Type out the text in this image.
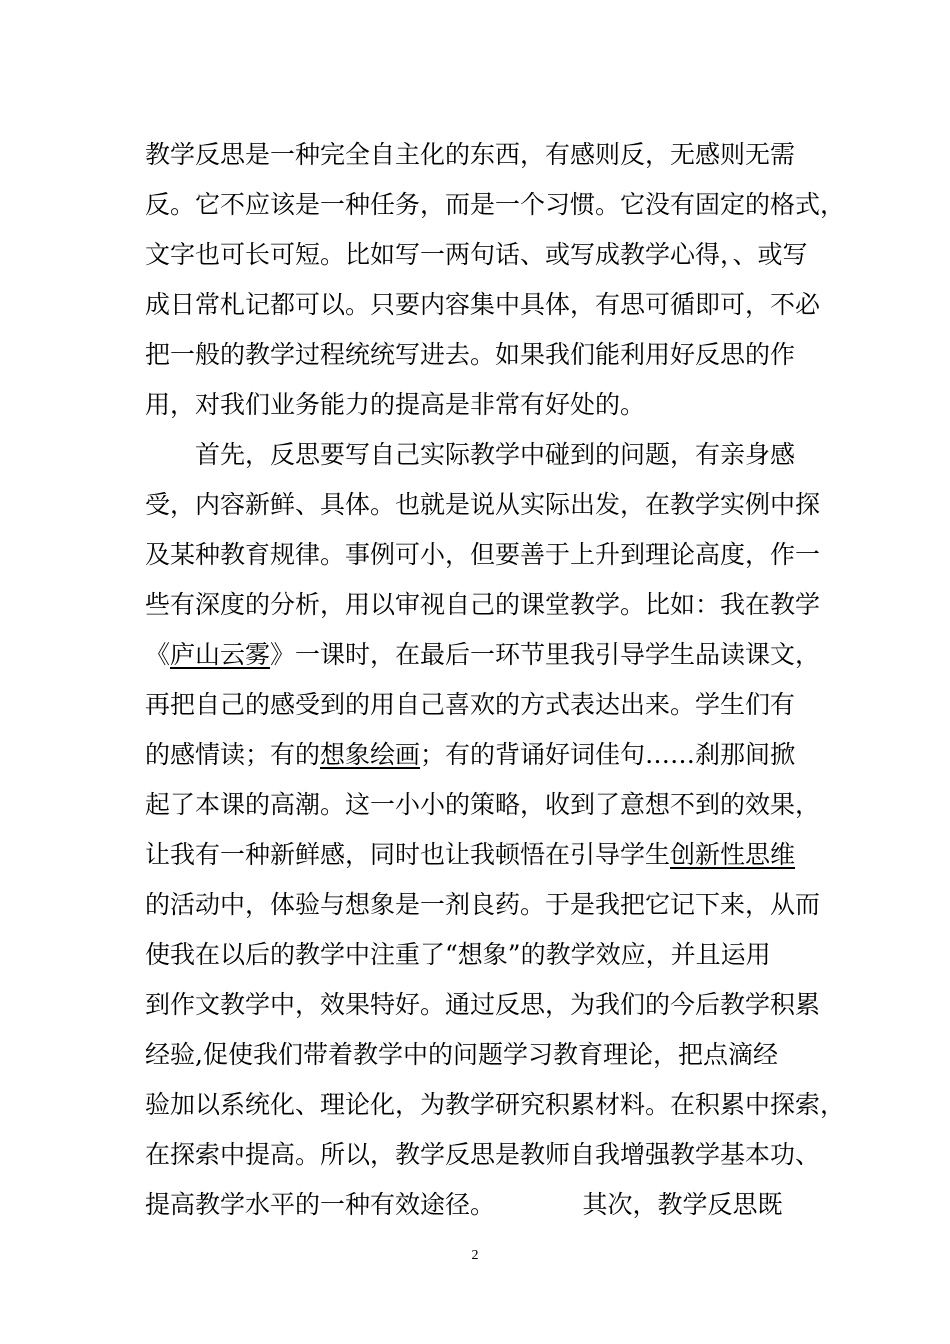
教学反思是一种完全自主化的东西，有感则反，无感则无需
反。它不应该是一种任务，而是一个习惯。它没有固定的格式，
文字也可长可短。比如写一两句话、或写成教学心得，、或写
成日常札记都可以。只要内容集中具体，有思可循即可，不必
把一般的教学过程统统写进去。如果我们能利用好反思的作
用，对我们业务能力的提高是非常有好处的。
　　首先，反思要写自己实际教学中碰到的问题，有亲身感
受，内容新鲜、具体。也就是说从实际出发，在教学实例中探
及某种教育规律。事例可小，但要善于上升到理论高度，作一
些有深度的分析，用以审视自己的课堂教学。比如：我在教学
《庐山云雾》一课时，在最后一环节里我引导学生品读课文，
再把自己的感受到的用自己喜欢的方式表达出来。学生们有
的感情读；有的想象绘画；有的背诵好词佳句……刹那间掀
起了本课的高潮。这一小小的策略，收到了意想不到的效果，
让我有一种新鲜感，同时也让我顿悟在引导学生创新性思维
的活动中，体验与想象是一剂良药。于是我把它记下来，从而
使我在以后的教学中注重了“想象”的教学效应，并且运用
到作文教学中，效果特好。通过反思，为我们的今后教学积累
经验,促使我们带着教学中的问题学习教育理论，把点滴经
验加以系统化、理论化，为教学研究积累材料。在积累中探索，
在探索中提高。所以，教学反思是教师自我增强教学基本功、
提高教学水平的一种有效途径。　　　　其次，教学反思既
2
